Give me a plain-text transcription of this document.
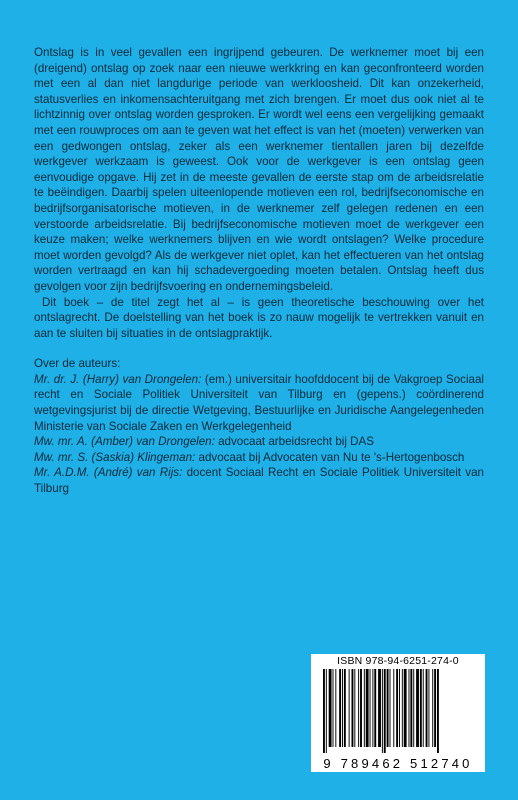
Ontslag is in veel gevallen een ingrijpend gebeuren. De werknemer moet bij een (dreigend) ontslag op zoek naar een nieuwe werkkring en kan geconfronteerd worden met een al dan niet langdurige periode van werkloosheid. Dit kan onzekerheid, statusverlies en inkomensachteruitgang met zich brengen. Er moet dus ook niet al te lichtzinnig over ontslag worden gesproken. Er wordt wel eens een vergelijking gemaakt met een rouwproces om aan te geven wat het effect is van het (moeten) verwerken van een gedwongen ontslag, zeker als een werknemer tientallen jaren bij dezelfde werkgever werkzaam is geweest. Ook voor de werkgever is een ontslag geen eenvoudige opgave. Hij zet in de meeste gevallen de eerste stap om de arbeidsrelatie te beëindigen. Daarbij spelen uiteenlopende motieven een rol, bedrijfseconomische en bedrijfsorganisatorische motieven, in de werknemer zelf gelegen redenen en een verstoorde arbeidsrelatie. Bij bedrijfseconomische motieven moet de werkgever een keuze maken; welke werknemers blijven en wie wordt ontslagen? Welke procedure moet worden gevolgd? Als de werkgever niet oplet, kan het effectueren van het ontslag worden vertraagd en kan hij schadevergoeding moeten betalen. Ontslag heeft dus gevolgen voor zijn bedrijfsvoering en ondernemingsbeleid.

Dit boek – de titel zegt het al – is geen theoretische beschouwing over het ontslagrecht. De doelstelling van het boek is zo nauw mogelijk te vertrekken vanuit en aan te sluiten bij situaties in de ontslagpraktijk.

Over de auteurs:

Mr. dr. J. (Harry) van Drongelen: (em.) universitair hoofddocent bij de Vakgroep Sociaal recht en Sociale Politiek Universiteit van Tilburg en (gepens.) coördinerend wetgevingsjurist bij de directie Wetgeving, Bestuurlijke en Juridische Aangelegenheden Ministerie van Sociale Zaken en Werkgelegenheid

Mw. mr. A. (Amber) van Drongelen: advocaat arbeidsrecht bij DAS

Mw. mr. S. (Saskia) Klingeman: advocaat bij Advocaten van Nu te 's-Hertogenbosch

Mr. A.D.M. (André) van Rijs: docent Sociaal Recht en Sociale Politiek Universiteit van Tilburg

ISBN 978-94-6251-274-0
9 789462 512740
